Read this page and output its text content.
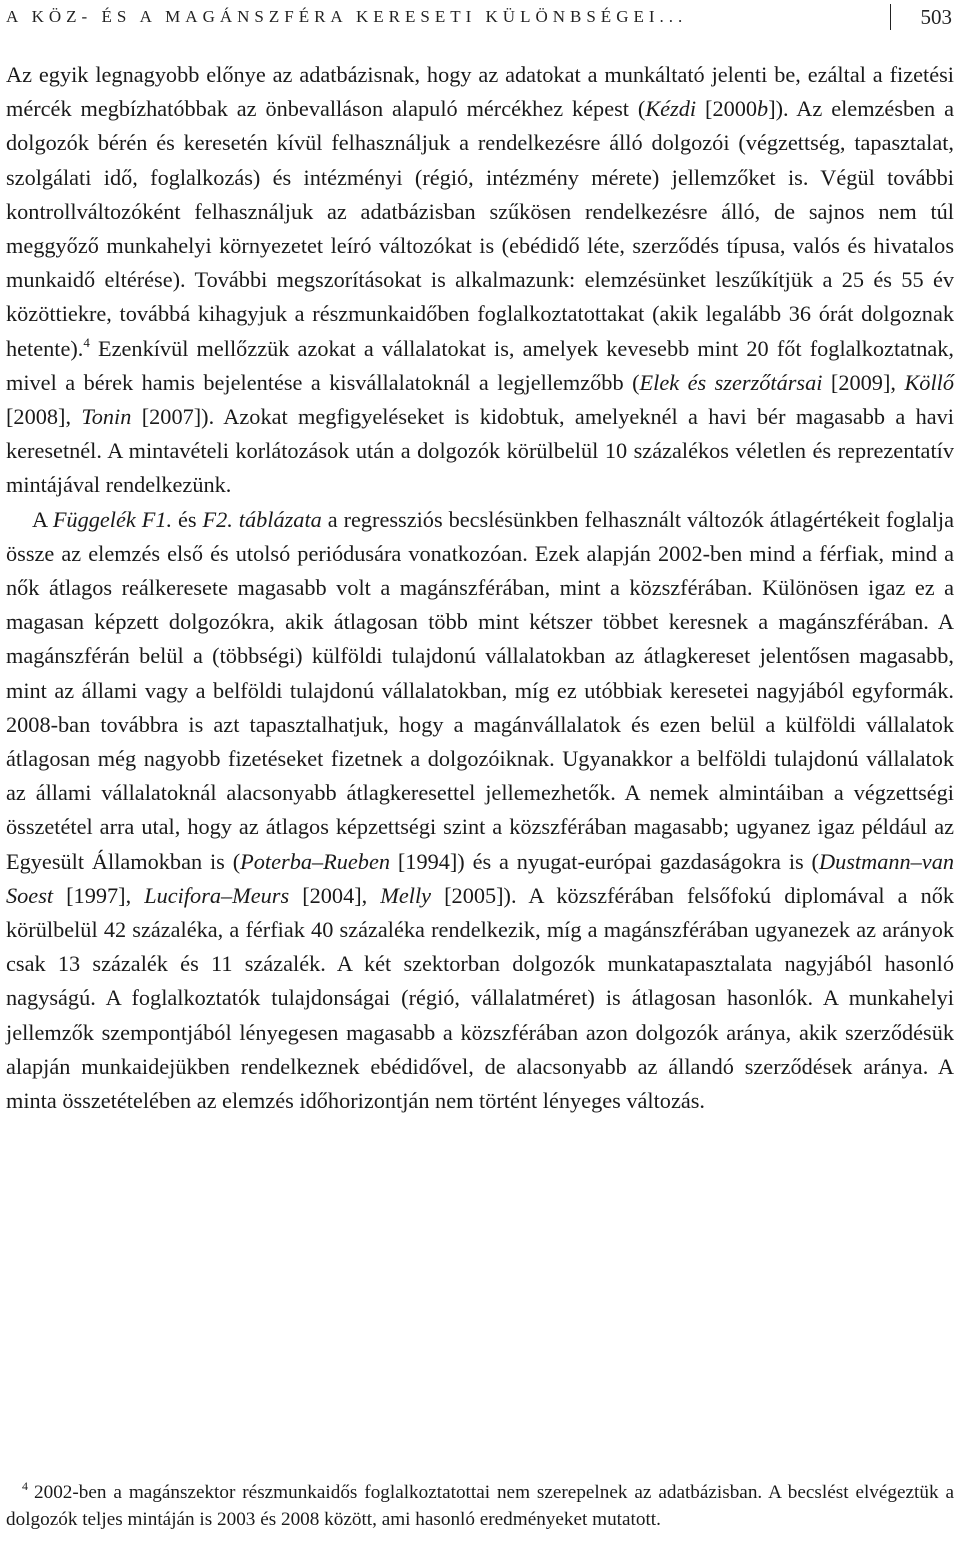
A KÖZ- ÉS A MAGÁNSZFÉRA KERESETI KÜLÖNBSÉGEI...	503

Az egyik legnagyobb előnye az adatbázisnak, hogy az adatokat a munkáltató jelenti be, ezáltal a fizetési mércék megbízhatóbbak az önbevalláson alapuló mércékhez képest (Kézdi [2000b]). Az elemzésben a dolgozók bérén és keresetén kívül felhasználjuk a rendelkezésre álló dolgozói (végzettség, tapasztalat, szolgálati idő, foglalkozás) és intézményi (régió, intézmény mérete) jellemzőket is. Végül további kontrollváltozóként felhasználjuk az adatbázisban szűkösen rendelkezésre álló, de sajnos nem túl meggyőző munkahelyi környezetet leíró változókat is (ebédidő léte, szerződés típusa, valós és hivatalos munkaidő eltérése). További megszorításokat is alkalmazunk: elemzésünket leszűkítjük a 25 és 55 év közöttiekre, továbbá kihagyjuk a részmunkaidőben foglalkoztatottakat (akik legalább 36 órát dolgoznak hetente).$^4$ Ezenkívül mellőzzük azokat a vállalatokat is, amelyek kevesebb mint 20 főt foglalkoztatnak, mivel a bérek hamis bejelentése a kisvállalatoknál a legjellemzőbb (Elek és szerzőtársai [2009], Köllő [2008], Tonin [2007]). Azokat megfigyeléseket is kidobtuk, amelyeknél a havi bér magasabb a havi keresetnél. A mintavételi korlátozások után a dolgozók körülbelül 10 százalékos véletlen és reprezentatív mintájával rendelkezünk.

A Függelék F1. és F2. táblázata a regressziós becslésünkben felhasznált változók átlagértékeit foglalja össze az elemzés első és utolsó periódusára vonatkozóan. Ezek alapján 2002-ben mind a férfiak, mind a nők átlagos reálkeresete magasabb volt a magánszférában, mint a közszférában. Különösen igaz ez a magasan képzett dolgozókra, akik átlagosan több mint kétszer többet keresnek a magánszférában. A magánszférán belül a (többségi) külföldi tulajdonú vállalatokban az átlagkereset jelentősen magasabb, mint az állami vagy a belföldi tulajdonú vállalatokban, míg ez utóbbiak keresetei nagyjából egyformák. 2008-ban továbbra is azt tapasztalhatjuk, hogy a magánvállalatok és ezen belül a külföldi vállalatok átlagosan még nagyobb fizetéseket fizetnek a dolgozóiknak. Ugyanakkor a belföldi tulajdonú vállalatok az állami vállalatoknál alacsonyabb átlagkeresettel jellemezhetők. A nemek almintáiban a végzettségi összetétel arra utal, hogy az átlagos képzettségi szint a közszférában magasabb; ugyanez igaz például az Egyesült Államokban is (Poterba–Rueben [1994]) és a nyugat-európai gazdaságokra is (Dustmann–van Soest [1997], Lucifora–Meurs [2004], Melly [2005]). A közszférában felsőfokú diplomával a nők körülbelül 42 százaléka, a férfiak 40 százaléka rendelkezik, míg a magánszférában ugyanezek az arányok csak 13 százalék és 11 százalék. A két szektorban dolgozók munkatapasztalata nagyjából hasonló nagyságú. A foglalkoztatók tulajdonságai (régió, vállalatméret) is átlagosan hasonlók. A munkahelyi jellemzők szempontjából lényegesen magasabb a közszférában azon dolgozók aránya, akik szerződésük alapján munkaidejükben rendelkeznek ebédidővel, de alacsonyabb az állandó szerződések aránya. A minta összetételében az elemzés időhorizontján nem történt lényeges változás.

$^4$ 2002-ben a magánszektor részmunkaidős foglalkoztatottai nem szerepelnek az adatbázisban. A becslést elvégeztük a dolgozók teljes mintáján is 2003 és 2008 között, ami hasonló eredményeket mutatott.
